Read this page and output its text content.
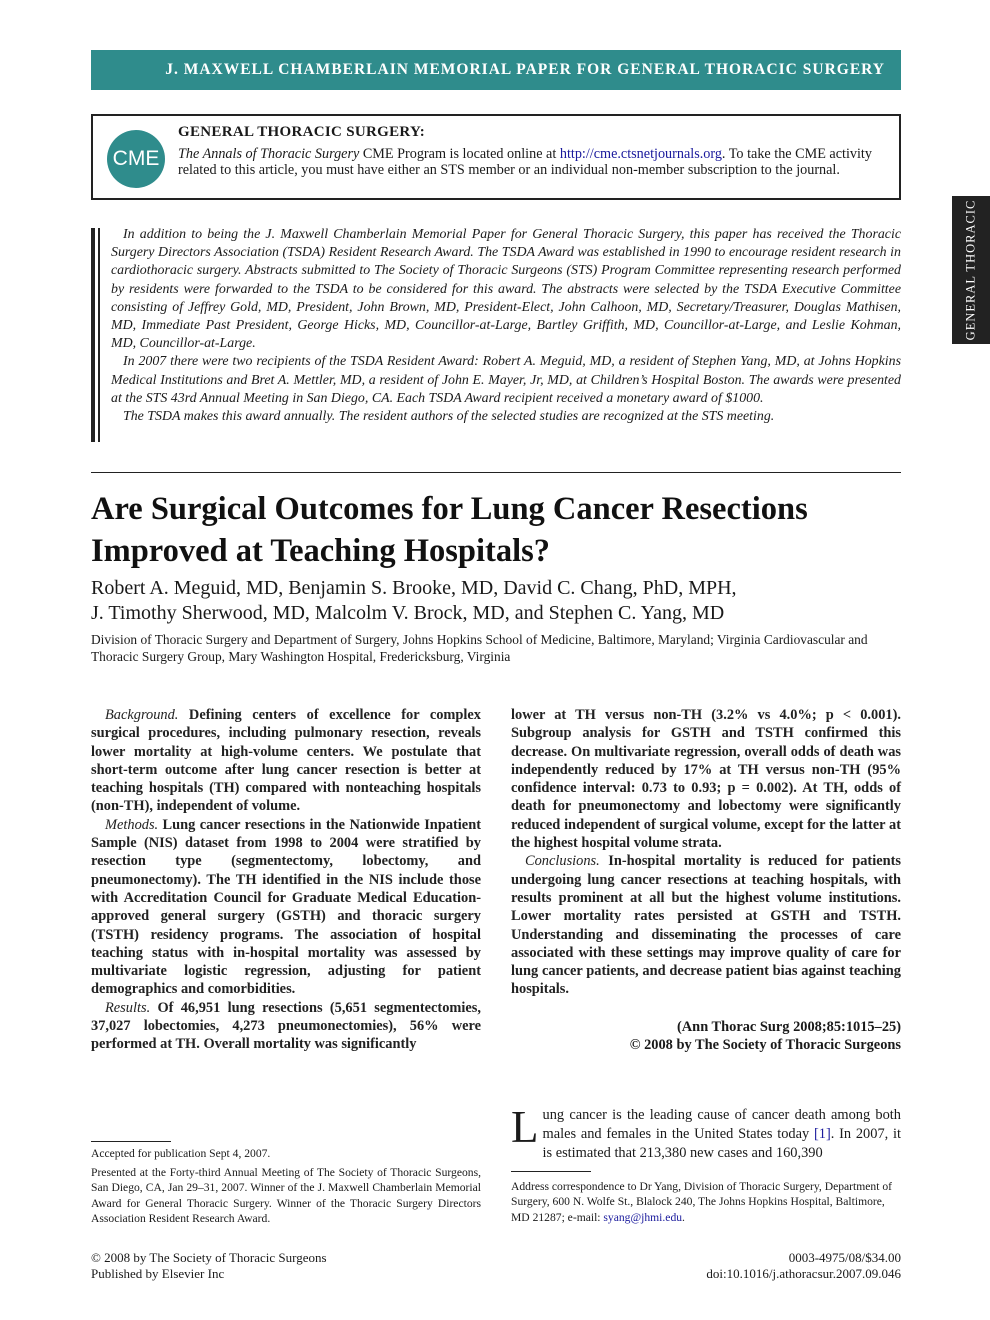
J. MAXWELL CHAMBERLAIN MEMORIAL PAPER FOR GENERAL THORACIC SURGERY
GENERAL THORACIC
CME
GENERAL THORACIC SURGERY:
The Annals of Thoracic Surgery CME Program is located online at http://cme.ctsnetjournals.org. To take the CME activity related to this article, you must have either an STS member or an individual non-member subscription to the journal.

In addition to being the J. Maxwell Chamberlain Memorial Paper for General Thoracic Surgery, this paper has received the Thoracic Surgery Directors Association (TSDA) Resident Research Award. The TSDA Award was established in 1990 to encourage resident research in cardiothoracic surgery. Abstracts submitted to The Society of Thoracic Surgeons (STS) Program Committee representing research performed by residents were forwarded to the TSDA to be considered for this award. The abstracts were selected by the TSDA Executive Committee consisting of Jeffrey Gold, MD, President, John Brown, MD, President-Elect, John Calhoon, MD, Secretary/Treasurer, Douglas Mathisen, MD, Immediate Past President, George Hicks, MD, Councillor-at-Large, Bartley Griffith, MD, Councillor-at-Large, and Leslie Kohman, MD, Councillor-at-Large.

In 2007 there were two recipients of the TSDA Resident Award: Robert A. Meguid, MD, a resident of Stephen Yang, MD, at Johns Hopkins Medical Institutions and Bret A. Mettler, MD, a resident of John E. Mayer, Jr, MD, at Children’s Hospital Boston. The awards were presented at the STS 43rd Annual Meeting in San Diego, CA. Each TSDA Award recipient received a monetary award of $1000.

The TSDA makes this award annually. The resident authors of the selected studies are recognized at the STS meeting.

Are Surgical Outcomes for Lung Cancer Resections Improved at Teaching Hospitals?
Robert A. Meguid, MD, Benjamin S. Brooke, MD, David C. Chang, PhD, MPH,
J. Timothy Sherwood, MD, Malcolm V. Brock, MD, and Stephen C. Yang, MD
Division of Thoracic Surgery and Department of Surgery, Johns Hopkins School of Medicine, Baltimore, Maryland; Virginia Cardiovascular and Thoracic Surgery Group, Mary Washington Hospital, Fredericksburg, Virginia

Background. Defining centers of excellence for complex surgical procedures, including pulmonary resection, reveals lower mortality at high-volume centers. We postulate that short-term outcome after lung cancer resection is better at teaching hospitals (TH) compared with nonteaching hospitals (non-TH), independent of volume.

Methods. Lung cancer resections in the Nationwide Inpatient Sample (NIS) dataset from 1998 to 2004 were stratified by resection type (segmentectomy, lobectomy, and pneumonectomy). The TH identified in the NIS include those with Accreditation Council for Graduate Medical Education-approved general surgery (GSTH) and thoracic surgery (TSTH) residency programs. The association of hospital teaching status with in-hospital mortality was assessed by multivariate logistic regression, adjusting for patient demographics and comorbidities.

Results. Of 46,951 lung resections (5,651 segmentectomies, 37,027 lobectomies, 4,273 pneumonectomies), 56% were performed at TH. Overall mortality was significantly

lower at TH versus non-TH (3.2% vs 4.0%; p < 0.001). Subgroup analysis for GSTH and TSTH confirmed this decrease. On multivariate regression, overall odds of death was independently reduced by 17% at TH versus non-TH (95% confidence interval: 0.73 to 0.93; p = 0.002). At TH, odds of death for pneumonectomy and lobectomy were significantly reduced independent of surgical volume, except for the latter at the highest hospital volume strata.

Conclusions. In-hospital mortality is reduced for patients undergoing lung cancer resections at teaching hospitals, with results prominent at all but the highest volume institutions. Lower mortality rates persisted at GSTH and TSTH. Understanding and disseminating the processes of care associated with these settings may improve quality of care for lung cancer patients, and decrease patient bias against teaching hospitals.

(Ann Thorac Surg 2008;85:1015–25)
© 2008 by The Society of Thoracic Surgeons
Lung cancer is the leading cause of cancer death among both males and females in the United States today [1]. In 2007, it is estimated that 213,380 new cases and 160,390

Accepted for publication Sept 4, 2007.

Presented at the Forty-third Annual Meeting of The Society of Thoracic Surgeons, San Diego, CA, Jan 29–31, 2007. Winner of the J. Maxwell Chamberlain Memorial Award for General Thoracic Surgery. Winner of the Thoracic Surgery Directors Association Resident Research Award.

Address correspondence to Dr Yang, Division of Thoracic Surgery, Department of Surgery, 600 N. Wolfe St., Blalock 240, The Johns Hopkins Hospital, Baltimore, MD 21287; e-mail: syang@jhmi.edu.
© 2008 by The Society of Thoracic Surgeons
Published by Elsevier Inc
0003-4975/08/$34.00
doi:10.1016/j.athoracsur.2007.09.046
